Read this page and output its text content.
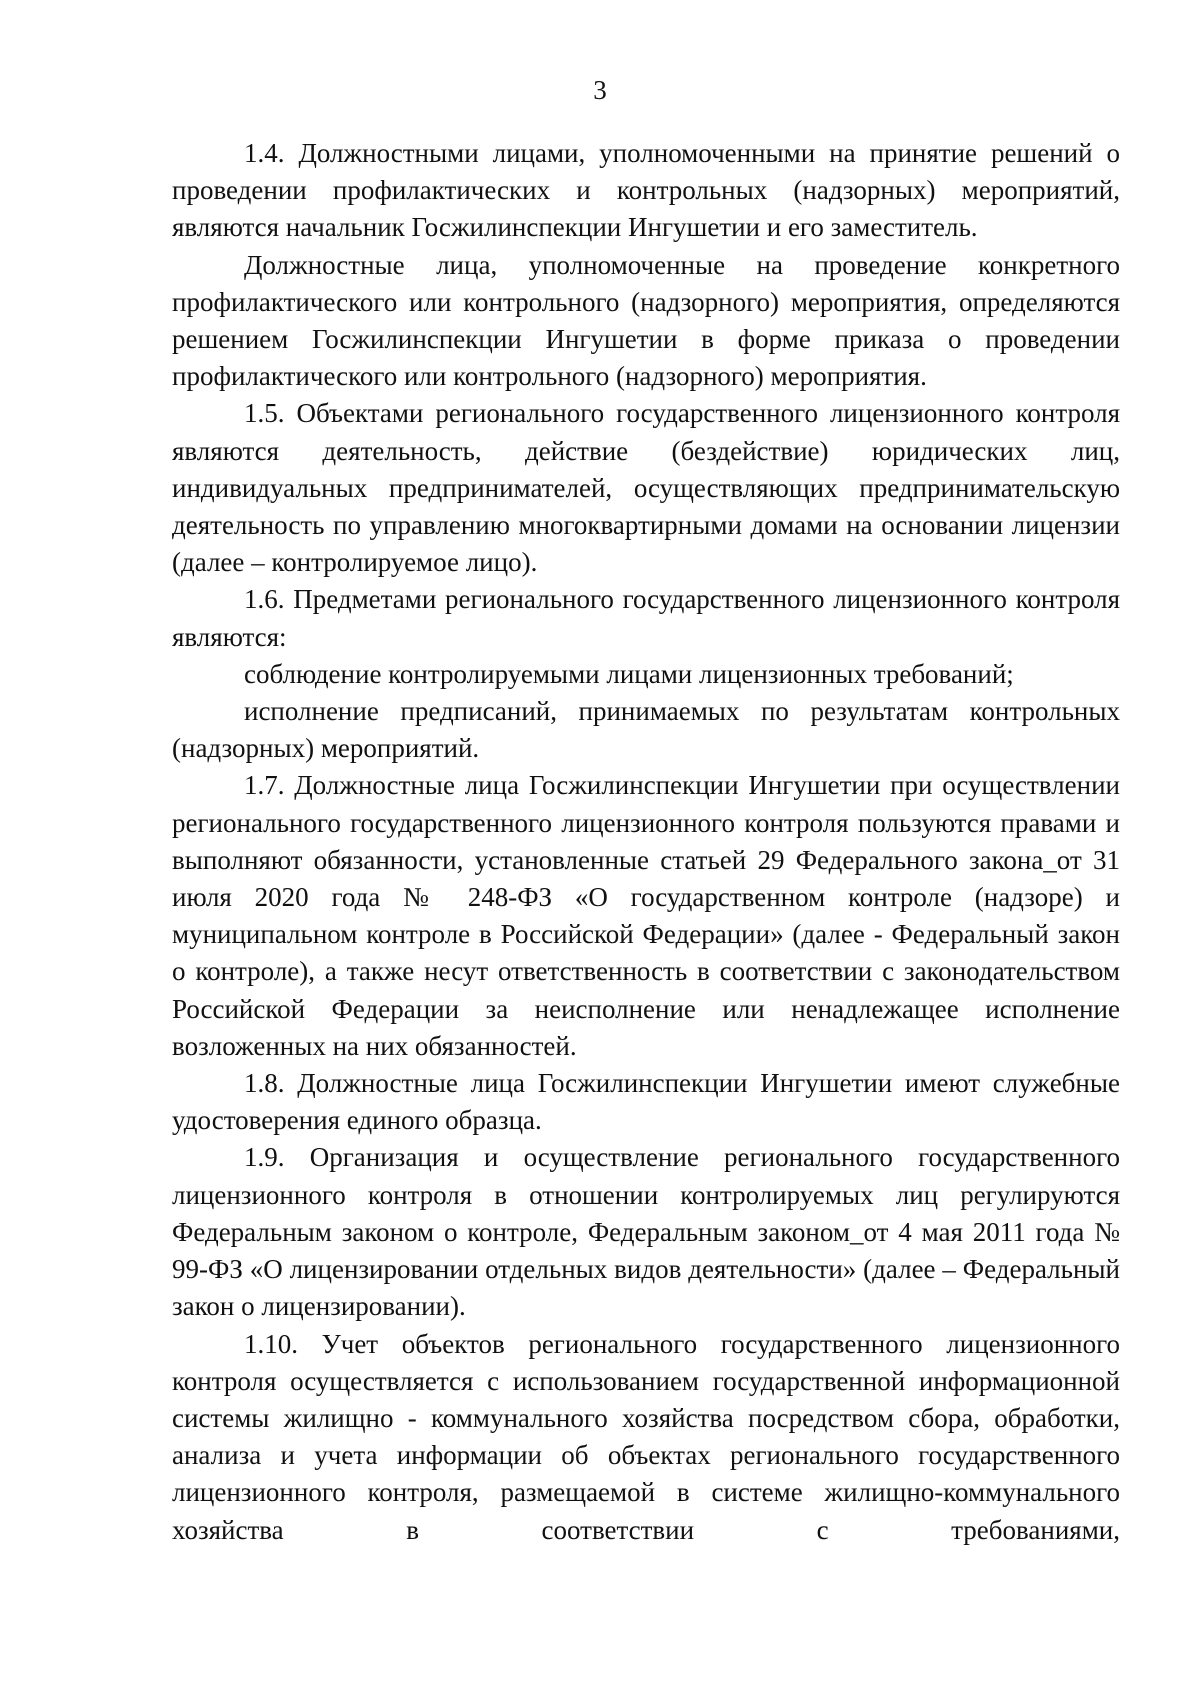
3

1.4. Должностными лицами, уполномоченными на принятие решений о проведении профилактических и контрольных (надзорных) мероприятий, являются начальник Госжилинспекции Ингушетии и его заместитель.

Должностные лица, уполномоченные на проведение конкретного профилактического или контрольного (надзорного) мероприятия, определяются решением Госжилинспекции Ингушетии в форме приказа о проведении профилактического или контрольного (надзорного) мероприятия.

1.5. Объектами регионального государственного лицензионного контроля являются деятельность, действие (бездействие) юридических лиц, индивидуальных предпринимателей, осуществляющих предпринимательскую деятельность по управлению многоквартирными домами на основании лицензии (далее – контролируемое лицо).

1.6. Предметами регионального государственного лицензионного контроля являются:

соблюдение контролируемыми лицами лицензионных требований;

исполнение предписаний, принимаемых по результатам контрольных (надзорных) мероприятий.

1.7. Должностные лица Госжилинспекции Ингушетии при осуществлении регионального государственного лицензионного контроля пользуются правами и выполняют обязанности, установленные статьей 29 Федерального закона_от 31 июля 2020 года № 248-ФЗ «О государственном контроле (надзоре) и муниципальном контроле в Российской Федерации» (далее - Федеральный закон о контроле), а также несут ответственность в соответствии с законодательством Российской Федерации за неисполнение или ненадлежащее исполнение возложенных на них обязанностей.

1.8. Должностные лица Госжилинспекции Ингушетии имеют служебные удостоверения единого образца.

1.9. Организация и осуществление регионального государственного лицензионного контроля в отношении контролируемых лиц регулируются Федеральным законом о контроле, Федеральным законом_от 4 мая 2011 года № 99-ФЗ «О лицензировании отдельных видов деятельности» (далее – Федеральный закон о лицензировании).

1.10. Учет объектов регионального государственного лицензионного контроля осуществляется с использованием государственной информационной системы жилищно - коммунального хозяйства посредством сбора, обработки, анализа и учета информации об объектах регионального государственного лицензионного контроля, размещаемой в системе жилищно-коммунального хозяйства в соответствии с требованиями,
